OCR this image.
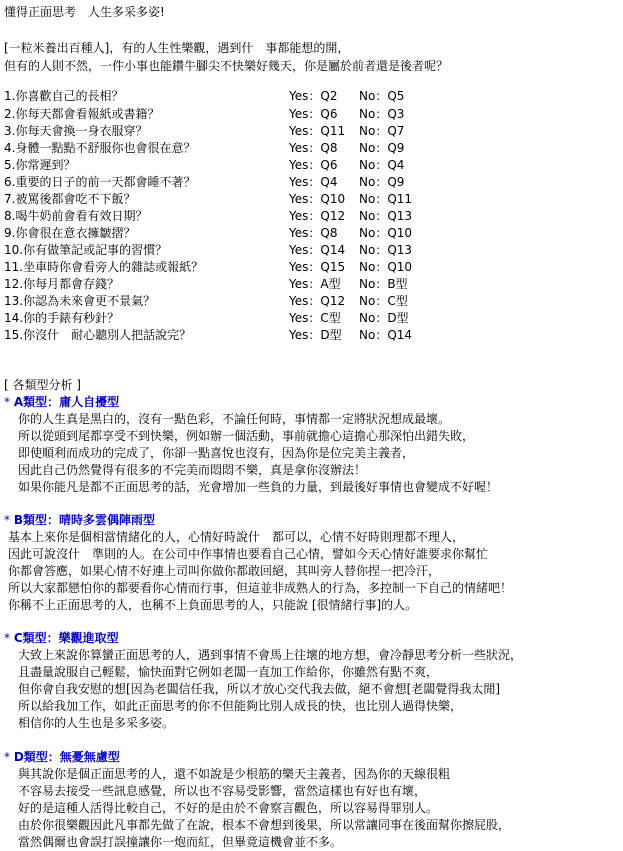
懂得正面思考　人生多采多姿!
[一粒米養出百種人]，有的人生性樂觀，遇到什　事都能想的開，
但有的人則不然，一件小事也能鑽牛腳尖不快樂好幾天，你是屬於前者還是後者呢？
1.你喜歡自己的長相？	Yes：Q2 No：Q5
2.你每天都會看報紙或書籍？	Yes：Q6 No：Q3
3.你每天會換一身衣服穿？	Yes：Q11 No：Q7
4.身體一點點不舒服你也會很在意？	Yes：Q8 No：Q9
5.你常遲到？	Yes：Q6 No：Q4
6.重要的日子的前一天都會睡不著？	Yes：Q4 No：Q9
7.被罵後都會吃不下飯？	Yes：Q10 No：Q11
8.喝牛奶前會看有效日期？	Yes：Q12 No：Q13
9.你會很在意衣擁皺摺？	Yes：Q8 No：Q10
10.你有做筆記或記事的習慣？	Yes：Q14 No：Q13
11.坐車時你會看旁人的雜誌或報紙？	Yes：Q15 No：Q10
12.你每月都會存錢？	Yes：A型 No：B型
13.你認為未來會更不景氣？	Yes：Q12 No：C型
14.你的手錶有秒針？	Yes：C型 No：D型
15.你沒什　耐心聽別人把話說完？	Yes：D型 No：Q14
[ 各類型分析 ]
* A類型：庸人自擾型
你的人生真是黑白的，沒有一點色彩，不論任何時，事情都一定將狀況想成最壞。
所以從頭到尾都享受不到快樂，例如辦一個活動，事前就擔心這擔心那深怕出錯失敗，
即使順利而成功的完成了，你卻一點喜悅也沒有，因為你是位完美主義者，
因此自己仍然覺得有很多的不完美而悶悶不樂，真是拿你沒辦法！
如果你能凡是都不正面思考的話，光會增加一些負的力量，到最後好事情也會變成不好喔！
* B類型：晴時多雲偶陣雨型
基本上來你是個相當情緒化的人，心情好時說什　都可以，心情不好時則理都不理人，
因此可說沒什　準則的人。在公司中作事情也要看自己心情，譬如今天心情好誰要求你幫忙
你都會答應，如果心情不好連上司叫你做你都敢回絕，其叫旁人替你捏一把冷汗，
所以大家都戀怕你的都要看你心情而行事，但這並非成熟人的行為，多控制一下自己的情緒吧！
你稱不上正面思考的人，也稱不上負面思考的人，只能說 [很情緒行事]的人。
* C類型：樂觀進取型
大致上來說你算蠻正面思考的人，遇到事情不會馬上往壞的地方想，會冷靜思考分析一些狀況，
且盡量說服自己輕鬆，愉快面對它例如老闆一直加工作給你，你雖然有點不爽，
但你會自我安慰的想[因為老闆信任我，所以才放心交代我去做，絕不會想[老闆覺得我太閒]
所以給我加工作，如此正面思考的你不但能夠比別人成長的快，也比別人過得快樂，
相信你的人生也是多采多姿。
* D類型：無憂無慮型
與其說你是個正面思考的人，還不如說是少根筋的樂天主義者，因為你的天線很粗
不容易去接受一些訊息感覺，所以也不容易受影響，當然這樣也有好也有壞，
好的是這種人活得比較自己，不好的是由於不會察言觀色，所以容易得罪別人。
由於你很樂觀因此凡事都先做了在說，根本不會想到後果，所以常讓同事在後面幫你擦屁股，
當然偶爾也會誤打誤撞讓你一炮而紅，但畢竟這機會並不多。
